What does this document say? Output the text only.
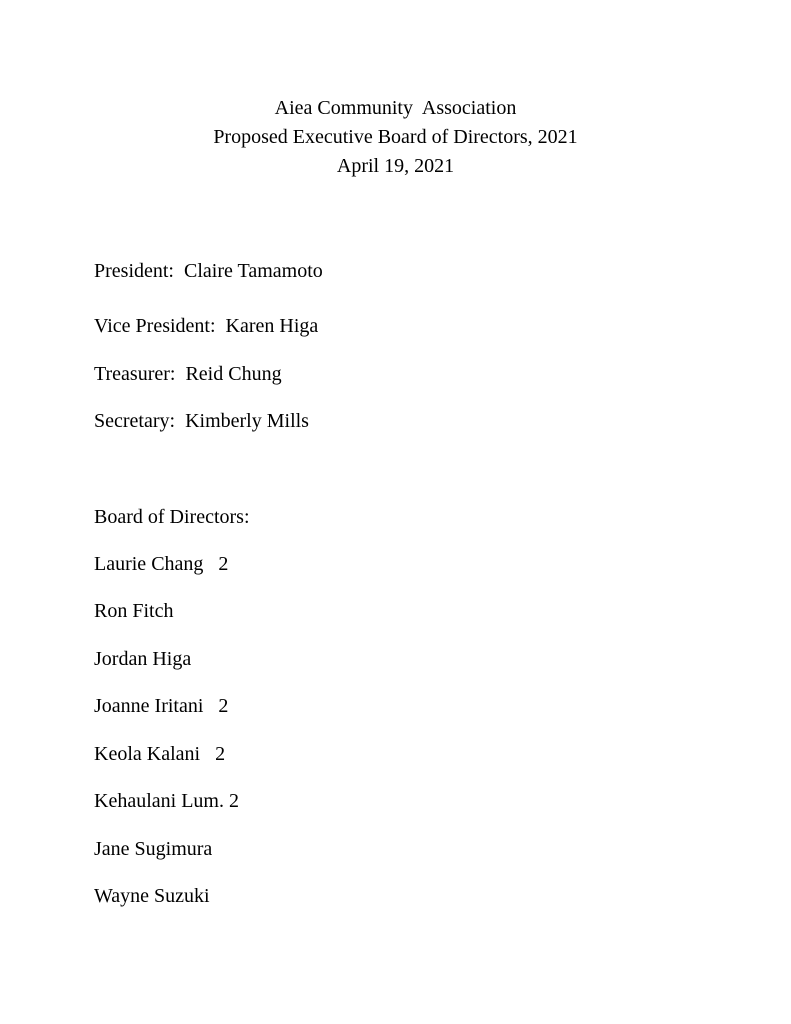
Aiea Community  Association
Proposed Executive Board of Directors, 2021
April 19, 2021
President:  Claire Tamamoto
Vice President:  Karen Higa
Treasurer:  Reid Chung
Secretary:  Kimberly Mills
Board of Directors:
Laurie Chang   2
Ron Fitch
Jordan Higa
Joanne Iritani   2
Keola Kalani   2
Kehaulani Lum. 2
Jane Sugimura
Wayne Suzuki
